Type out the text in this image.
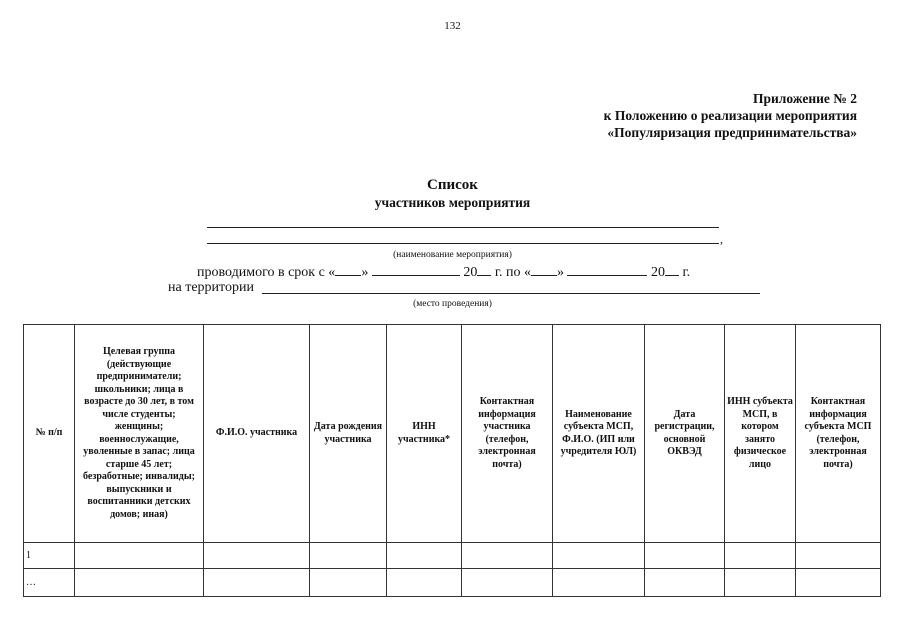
132
Приложение № 2
к Положению о реализации мероприятия
«Популяризация предпринимательства»
Список
участников мероприятия
,
(наименование мероприятия)
проводимого в срок с « »	20 г. по « »	20 г.
на территории
(место проведения)
№ п/п	Целевая группа (действующие предприниматели; школьники; лица в возрасте до 30 лет, в том числе студенты; женщины; военнослужащие, уволенные в запас; лица старше 45 лет; безработные; инвалиды; выпускники и воспитанники детских домов; иная)	Ф.И.О. участника	Дата рождения участника	ИНН участника*	Контактная информация участника (телефон, электронная почта)	Наименование субъекта МСП, Ф.И.О. (ИП или учредителя ЮЛ)	Дата регистрации, основной ОКВЭД	ИНН субъекта МСП, в котором занято физическое лицо	Контактная информация субъекта МСП (телефон, электронная почта)
1									
…									
